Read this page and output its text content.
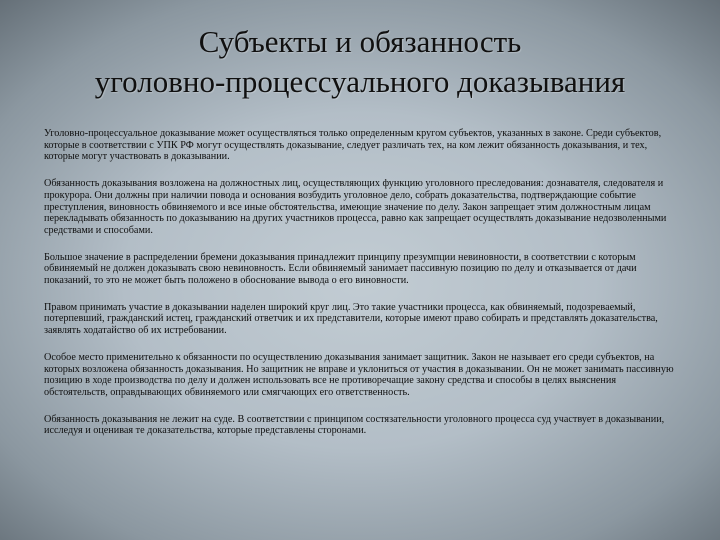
Субъекты и обязанность
уголовно-процессуального доказывания

Уголовно-процессуальное доказывание может осуществляться только определенным кругом субъектов, указанных в законе. Среди субъектов, которые в соответствии с УПК РФ могут осуществлять доказывание, следует различать тех, на ком лежит обязанность доказывания, и тех, которые могут участвовать в доказывании.

Обязанность доказывания возложена на должностных лиц, осуществляющих функцию уголовного преследования: дознавателя, следователя и прокурора. Они должны при наличии повода и основания возбудить уголовное дело, собрать доказательства, подтверждающие событие преступления, виновность обвиняемого и все иные обстоятельства, имеющие значение по делу. Закон запрещает этим должностным лицам перекладывать обязанность по доказыванию на других участников процесса, равно как запрещает осуществлять доказывание недозволенными средствами и способами.

Большое значение в распределении бремени доказывания принадлежит принципу презумпции невиновности, в соответствии с которым обвиняемый не должен доказывать свою невиновность. Если обвиняемый занимает пассивную позицию по делу и отказывается от дачи показаний, то это не может быть положено в обоснование вывода о его виновности.

Правом принимать участие в доказывании наделен широкий круг лиц. Это такие участники процесса, как обвиняемый, подозреваемый, потерпевший, гражданский истец, гражданский ответчик и их представители, которые имеют право собирать и представлять доказательства, заявлять ходатайство об их истребовании.

Особое место применительно к обязанности по осуществлению доказывания занимает защитник. Закон не называет его среди субъектов, на которых возложена обязанность доказывания. Но защитник не вправе и уклониться от участия в доказывании. Он не может занимать пассивную позицию в ходе производства по делу и должен использовать все не противоречащие закону средства и способы в целях выяснения обстоятельств, оправдывающих обвиняемого или смягчающих его ответственность.

Обязанность доказывания не лежит на суде. В соответствии с принципом состязательности уголовного процесса суд участвует в доказывании, исследуя и оценивая те доказательства, которые представлены сторонами.
